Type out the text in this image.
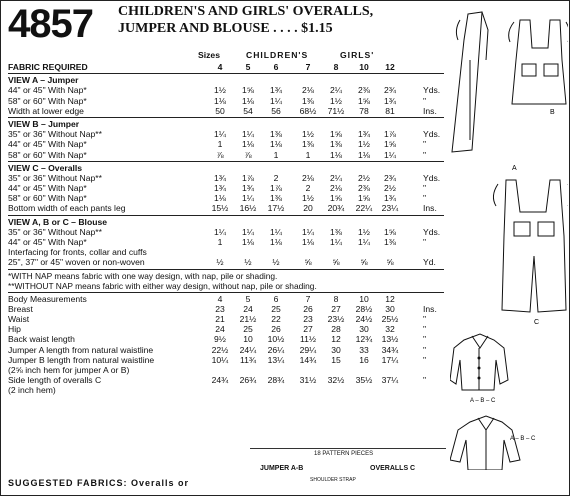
4857 CHILDREN'S AND GIRLS' OVERALLS,
JUMPER AND BLOUSE . . . . $1.15
Sizes	CHILDREN'S	GIRLS'
FABRIC REQUIRED	4	5	6	7	8	10	12
VIEW A – Jumper
44" or 45" With Nap*	1½	1⅝	1¾	2⅛	2¼	2⅜	2¾	Yds.
58" or 60" With Nap*	1⅛	1⅛	1¼	1⅜	1½	1⅝	1¾	"
Width at lower edge	50	54	56	68½	71½	78	81	Ins.
VIEW B – Jumper
35" or 36" Without Nap**	1¼	1¼	1⅜	1½	1⅝	1¾	1⅞	Yds.
44" or 45" With Nap*	1	1⅛	1⅛	1⅜	1⅜	1½	1⅝	"
58" or 60" With Nap*	⅞	⅞	1	1	1⅛	1⅛	1¼	"
VIEW C – Overalls
35" or 36" Without Nap**	1¾	1⅞	2	2⅛	2¼	2½	2¾	Yds.
44" or 45" With Nap*	1¾	1¾	1⅞	2	2⅛	2⅜	2½	"
58" or 60" With Nap*	1⅛	1¼	1⅜	1½	1⅝	1⅝	1¾	"
Bottom width of each pants leg	15½	16½	17½	20	20¾	22¼	23¼	Ins.
VIEW A, B or C – Blouse
35" or 36" Without Nap**	1¼	1¼	1¼	1¼	1⅜	1½	1⅝	Yds.
44" or 45" With Nap*	1	1⅛	1⅛	1⅛	1¼	1¼	1⅜	"
Interfacing for fronts, collar and cuffs
25", 37" or 45" woven or non-woven	½	½	½	⅝	⅝	⅝	⅝	Yd.
*WITH NAP means fabric with one way design, with nap, pile or shading.
**WITHOUT NAP means fabric with either way design, without nap, pile or shading.
Body Measurements	4	5	6	7	8	10	12
Breast	23	24	25	26	27	28½	30	Ins.
Waist	21	21½	22	23	23½	24½	25½	"
Hip	24	25	26	27	28	30	32	"
Back waist length	9½	10	10½	11½	12	12¾	13½	"
Jumper A length from natural waistline	22½	24¼	26¼	29¼	30	33	34¾	"
Jumper B length from natural waistline	10¼	11¾	13¼	14¾	15	16	17¼	"
(2⅝ inch hem for jumper A or B)
Side length of overalls C	24¾	26¾	28¾	31½	32½	35½	37¼	"
(2 inch hem)
SUGGESTED FABRICS: Overalls or
18 PATTERN PIECES
JUMPER A-B	OVERALLS C
SHOULDER STRAP
A
B
C
A – B – C
A – B – C
